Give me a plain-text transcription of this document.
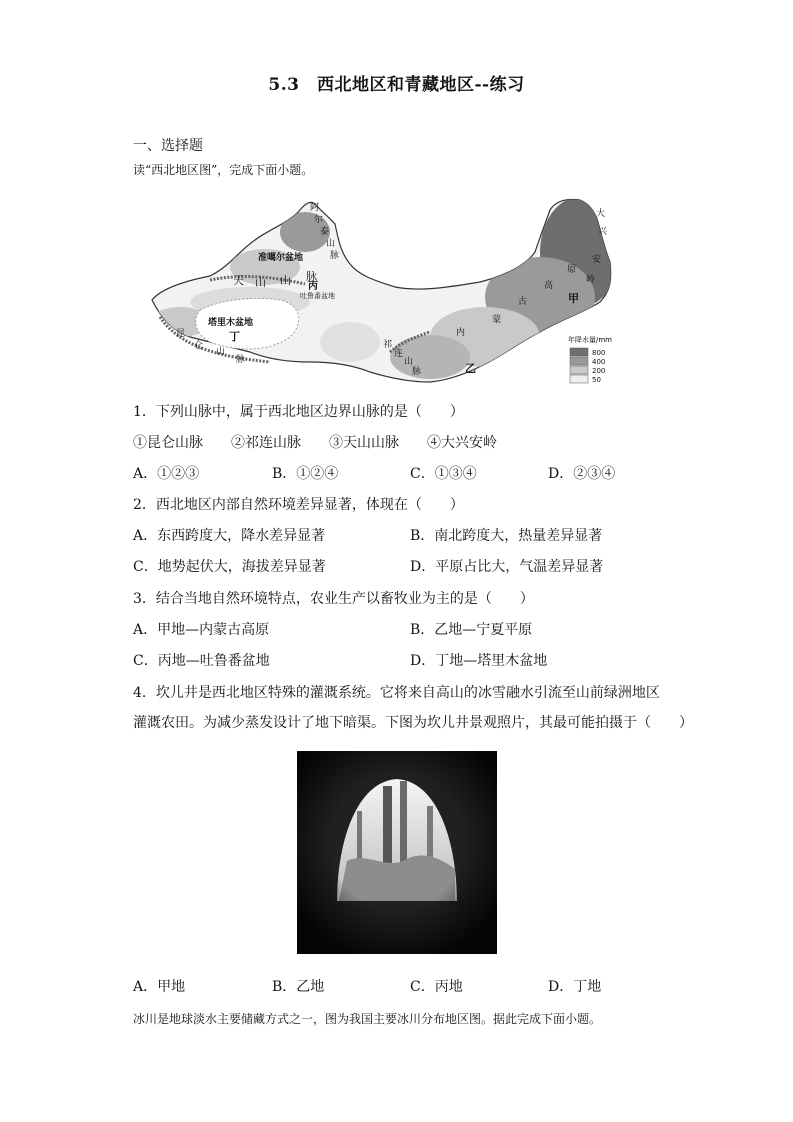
5.3　西北地区和青藏地区--练习
一、选择题
读“西北地区图”，完成下面小题。
阿
尔
泰
山
脉
准噶尔盆地
天 山 山 脉
丙
吐鲁番盆地
塔里木盆地
丁
昆
仑
山
脉
祁
连
山
脉	乙
内
蒙
古
高
原
甲
大
兴
安
岭
年降水量/mm
800
400
200
50
1．下列山脉中，属于西北地区边界山脉的是（　　）
①昆仑山脉　　②祁连山脉　　③天山山脉　　④大兴安岭
A．①②③	B．①②④	C．①③④	D．②③④
2．西北地区内部自然环境差异显著，体现在（　　）
A．东西跨度大，降水差异显著	B．南北跨度大，热量差异显著
C．地势起伏大，海拔差异显著	D．平原占比大，气温差异显著
3．结合当地自然环境特点，农业生产以畜牧业为主的是（　　）
A．甲地—内蒙古高原	B．乙地—宁夏平原
C．丙地—吐鲁番盆地	D．丁地—塔里木盆地
4．坎儿井是西北地区特殊的灌溉系统。它将来自高山的冰雪融水引流至山前绿洲地区
灌溉农田。为减少蒸发设计了地下暗渠。下图为坎儿井景观照片，其最可能拍摄于（　　）
A．甲地	B．乙地	C．丙地	D．丁地
冰川是地球淡水主要储藏方式之一，图为我国主要冰川分布地区图。据此完成下面小题。
